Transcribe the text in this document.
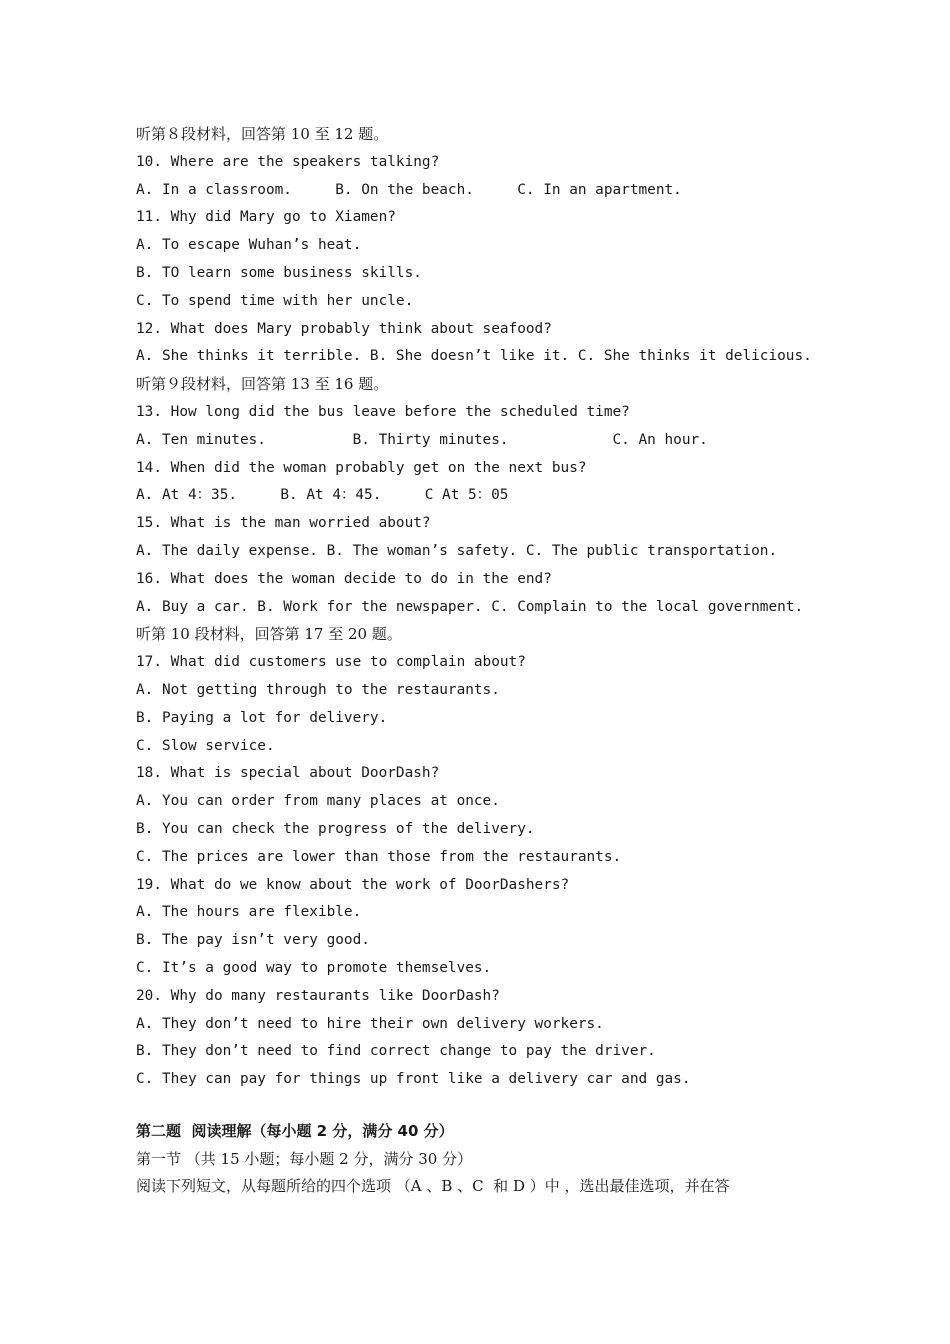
听第８段材料，回答第 10 至 12 题。
10. Where are the speakers talking?
A. In a classroom.     B. On the beach.     C. In an apartment.
11. Why did Mary go to Xiamen?
A. To escape Wuhan’s heat.
B. TO learn some business skills.
C. To spend time with her uncle.
12. What does Mary probably think about seafood?
A. She thinks it terrible. B. She doesn’t like it. C. She thinks it delicious.
听第９段材料，回答第 13 至 16 题。
13. How long did the bus leave before the scheduled time?
A. Ten minutes.          B. Thirty minutes.            C. An hour.
14. When did the woman probably get on the next bus?
A. At 4：35.     B. At 4：45.     C At 5：05
15. What is the man worried about?
A. The daily expense. B. The woman’s safety. C. The public transportation.
16. What does the woman decide to do in the end?
A. Buy a car. B. Work for the newspaper. C. Complain to the local government.
听第 10 段材料，回答第 17 至 20 题。
17. What did customers use to complain about?
A. Not getting through to the restaurants.
B. Paying a lot for delivery.
C. Slow service.
18. What is special about DoorDash?
A. You can order from many places at once.
B. You can check the progress of the delivery.
C. The prices are lower than those from the restaurants.
19. What do we know about the work of DoorDashers?
A. The hours are flexible.
B. The pay isn’t very good.
C. It’s a good way to promote themselves.
20. Why do many restaurants like DoorDash?
A. They don’t need to hire their own delivery workers.
B. They don’t need to find correct change to pay the driver.
C. They can pay for things up front like a delivery car and gas.
第二题  阅读理解（每小题 2 分，满分 40 分）
第一节 （共 15 小题；每小题 2 分，满分 30 分）
阅读下列短文，从每题所给的四个选项 （A 、B 、C  和 D ）中 ，选出最佳选项，并在答
